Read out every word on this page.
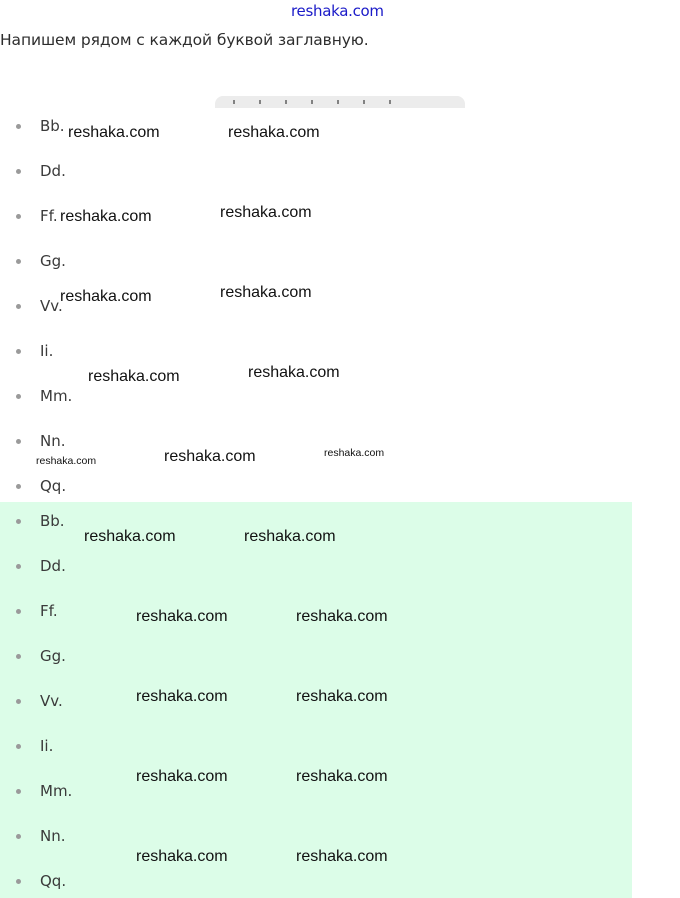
reshaka.com
Напишем рядом с каждой буквой заглавную.
Bb.
Dd.
Ff.
Gg.
Vv.
Ii.
Mm.
Nn.
Qq.
Bb.
Dd.
Ff.
Gg.
Vv.
Ii.
Mm.
Nn.
Qq.
reshaka.com	reshaka.com
reshaka.com	reshaka.com
reshaka.com	reshaka.com
reshaka.com	reshaka.com
reshaka.com	reshaka.com	reshaka.com
reshaka.com	reshaka.com
reshaka.com	reshaka.com
reshaka.com	reshaka.com
reshaka.com	reshaka.com
reshaka.com	reshaka.com
